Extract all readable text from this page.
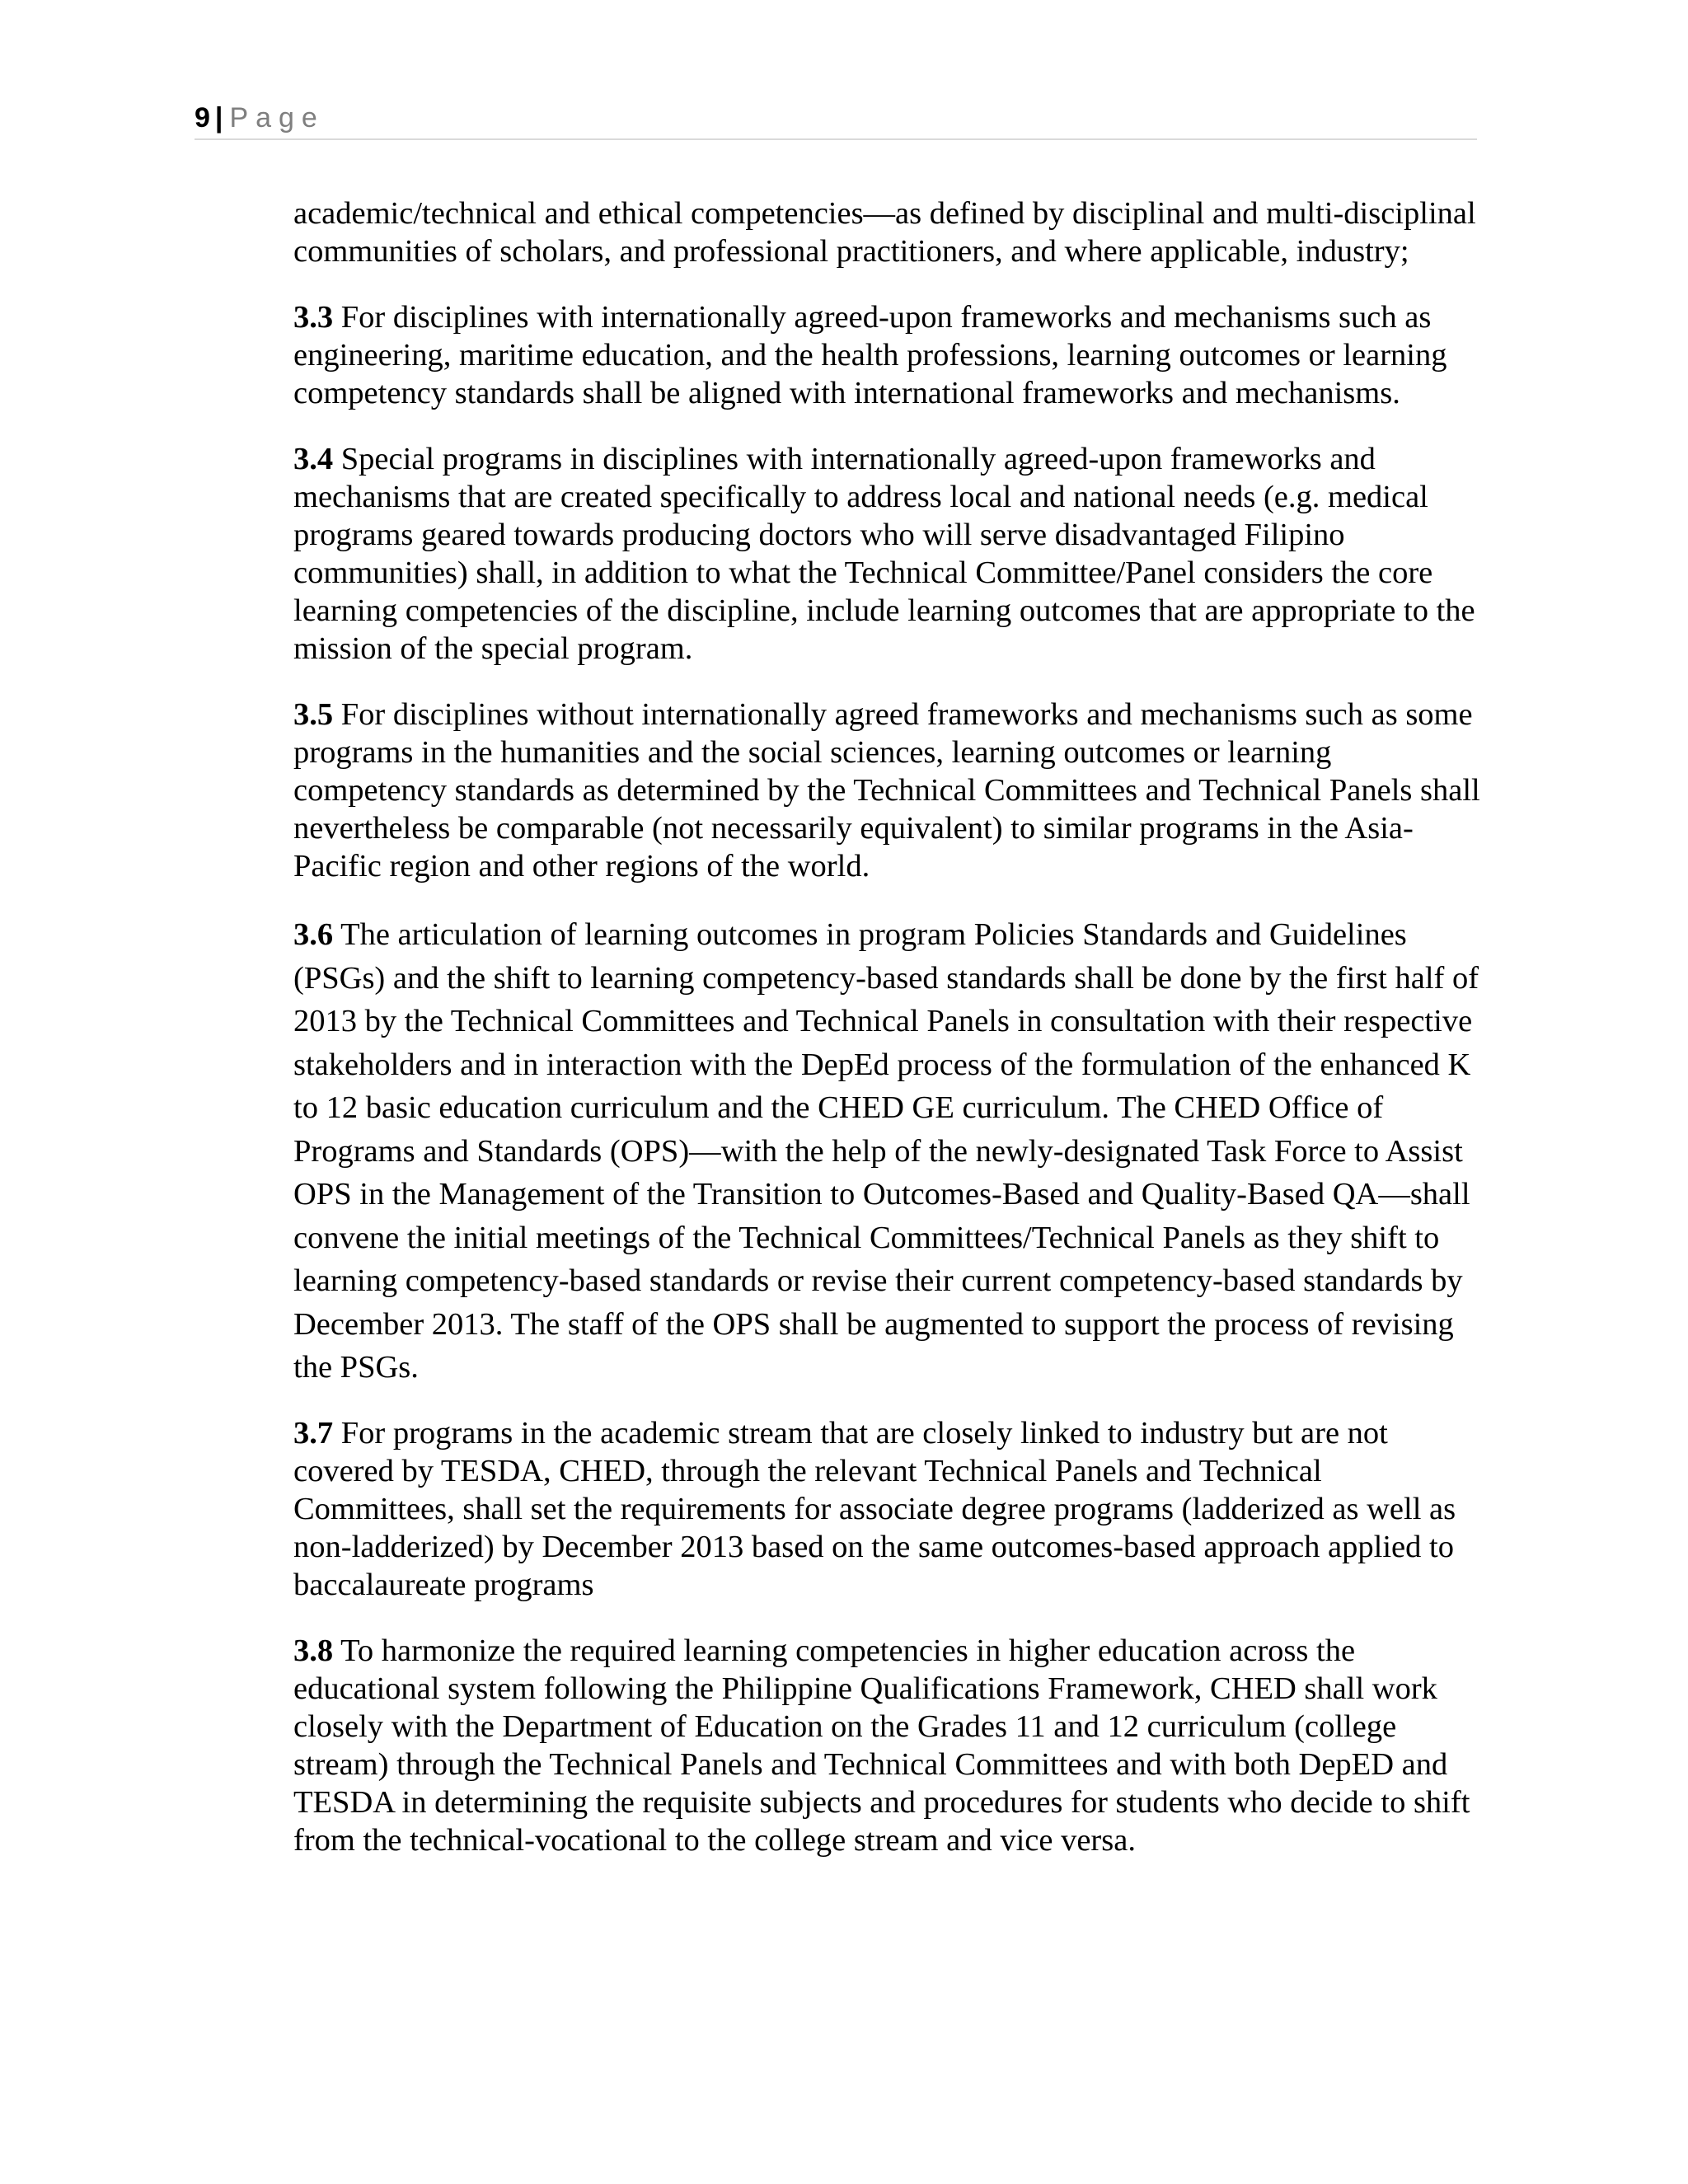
9 | Page

academic/technical and ethical competencies—as defined by disciplinal and multi-disciplinal communities of scholars, and professional practitioners, and where applicable, industry;

3.3 For disciplines with internationally agreed-upon frameworks and mechanisms such as engineering, maritime education, and the health professions, learning outcomes or learning competency standards shall be aligned with international frameworks and mechanisms.

3.4 Special programs in disciplines with internationally agreed-upon frameworks and mechanisms that are created specifically to address local and national needs (e.g. medical programs geared towards producing doctors who will serve disadvantaged Filipino communities) shall, in addition to what the Technical Committee/Panel considers the core learning competencies of the discipline, include learning outcomes that are appropriate to the mission of the special program.

3.5 For disciplines without internationally agreed frameworks and mechanisms such as some programs in the humanities and the social sciences, learning outcomes or learning competency standards as determined by the Technical Committees and Technical Panels shall nevertheless be comparable (not necessarily equivalent) to similar programs in the Asia-Pacific region and other regions of the world.

3.6 The articulation of learning outcomes in program Policies Standards and Guidelines (PSGs) and the shift to learning competency-based standards shall be done by the first half of 2013 by the Technical Committees and Technical Panels in consultation with their respective stakeholders and in interaction with the DepEd process of the formulation of the enhanced K to 12 basic education curriculum and the CHED GE curriculum. The CHED Office of Programs and Standards (OPS)—with the help of the newly-designated Task Force to Assist OPS in the Management of the Transition to Outcomes-Based and Quality-Based QA—shall convene the initial meetings of the Technical Committees/Technical Panels as they shift to learning competency-based standards or revise their current competency-based standards by December 2013. The staff of the OPS shall be augmented to support the process of revising the PSGs.

3.7 For programs in the academic stream that are closely linked to industry but are not covered by TESDA, CHED, through the relevant Technical Panels and Technical Committees, shall set the requirements for associate degree programs (ladderized as well as non-ladderized) by December 2013 based on the same outcomes-based approach applied to baccalaureate programs

3.8 To harmonize the required learning competencies in higher education across the educational system following the Philippine Qualifications Framework, CHED shall work closely with the Department of Education on the Grades 11 and 12 curriculum (college stream) through the Technical Panels and Technical Committees and with both DepED and TESDA in determining the requisite subjects and procedures for students who decide to shift from the technical-vocational to the college stream and vice versa.
